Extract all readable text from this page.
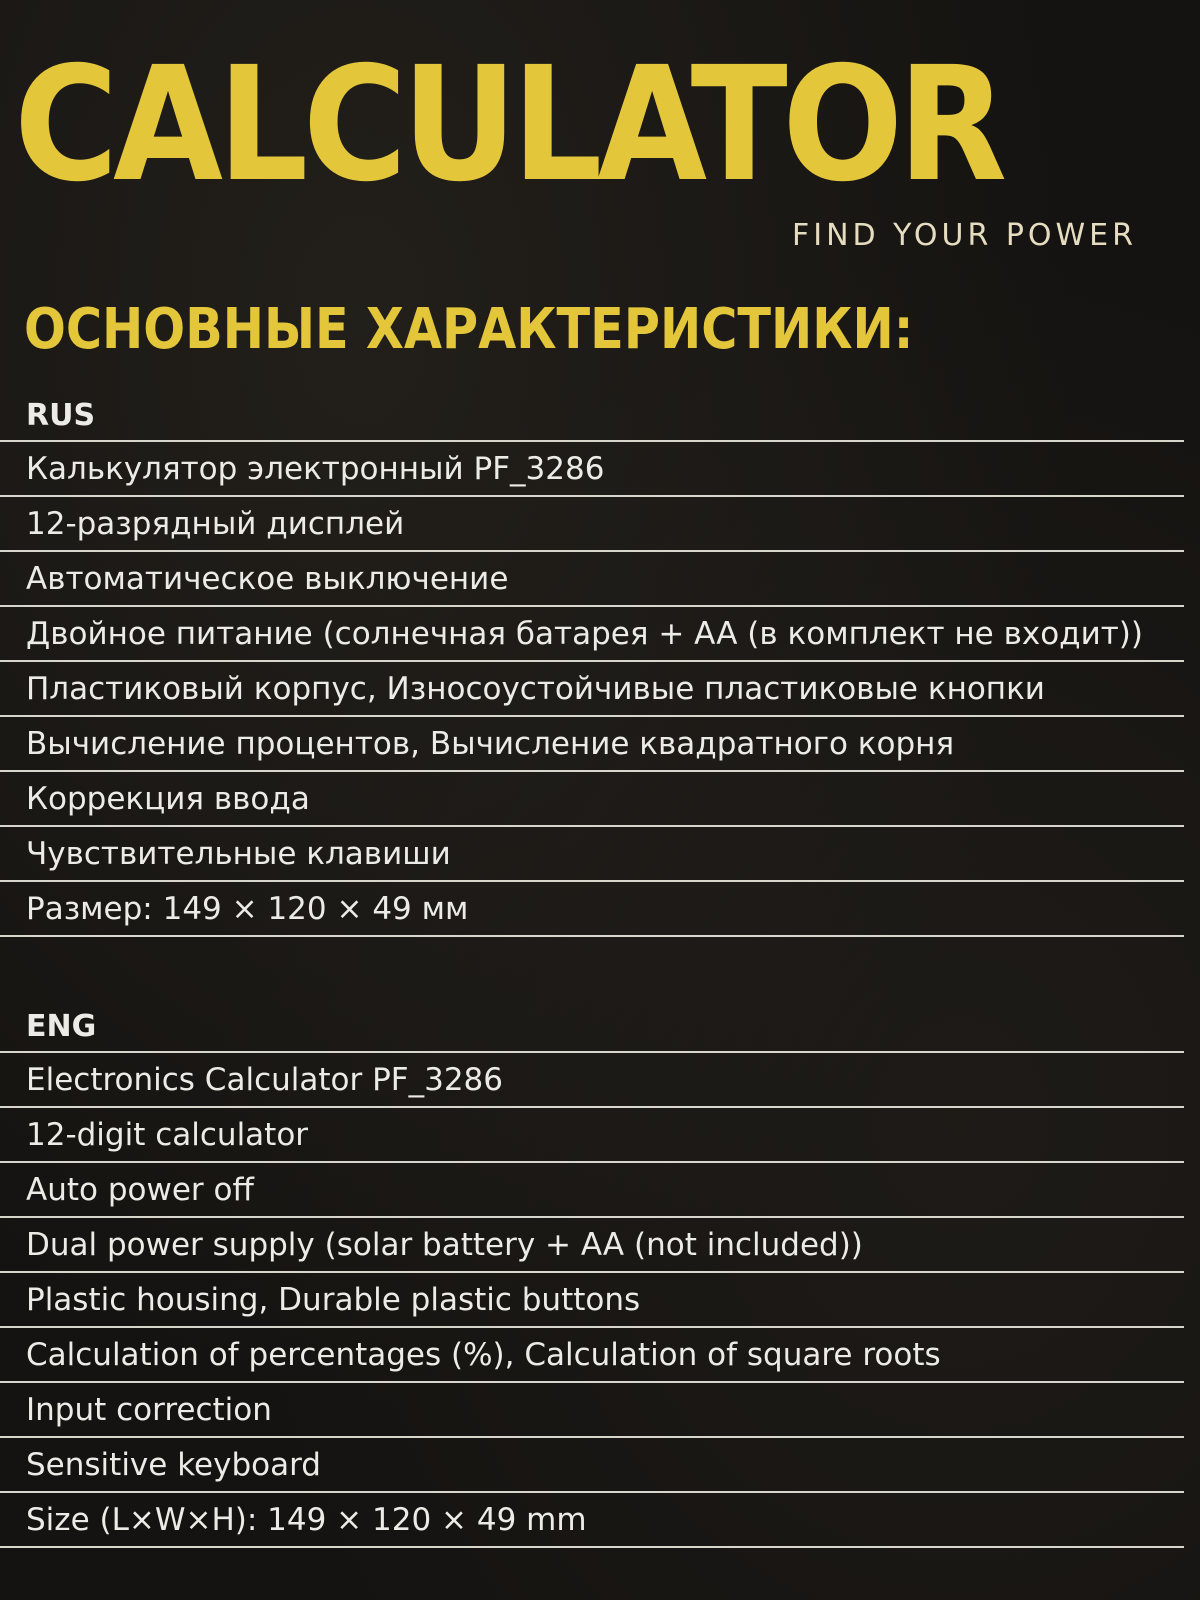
CALCULATOR
FIND YOUR POWER
ОСНОВНЫЕ ХАРАКТЕРИСТИКИ:
RUS
Калькулятор электронный PF_3286
12-разрядный дисплей
Автоматическое выключение
Двойное питание (солнечная батарея + AA (в комплект не входит))
Пластиковый корпус, Износоустойчивые пластиковые кнопки
Вычисление процентов, Вычисление квадратного корня
Коррекция ввода
Чувствительные клавиши
Размер: 149 × 120 × 49 мм
ENG
Electronics Calculator PF_3286
12-digit calculator
Auto power off
Dual power supply (solar battery + AA (not included))
Plastic housing, Durable plastic buttons
Calculation of percentages (%), Calculation of square roots
Input correction
Sensitive keyboard
Size (L×W×H): 149 × 120 × 49 mm
